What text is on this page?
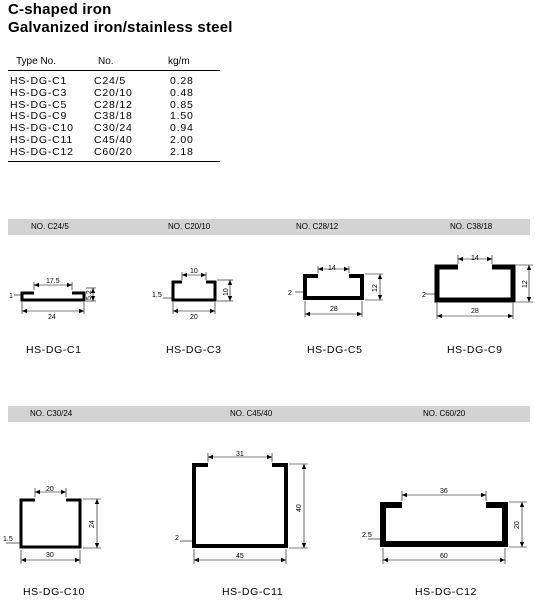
C-shaped iron
Galvanized iron/stainless steel
Type No.	No.	kg/m
HS-DG-C1	C24/5	0.28
HS-DG-C3	C20/10	0.48
HS-DG-C5	C28/12	0.85
HS-DG-C9	C38/18	1.50
HS-DG-C10	C30/24	0.94
HS-DG-C11	C45/40	2.00
HS-DG-C12	C60/20	2.18
NO. C24/5	NO. C20/10	NO. C28/12	NO. C38/18
NO. C30/24	NO. C45/40	NO. C60/20
17.5
24
5.2
1
10
20
10
1.5
14
28
12
2
14
28
12
2
20
30
24
1.5
31
45
40
2
36
60
20
2.5
HS-DG-C1	HS-DG-C3	HS-DG-C5	HS-DG-C9
HS-DG-C10	HS-DG-C11	HS-DG-C12
